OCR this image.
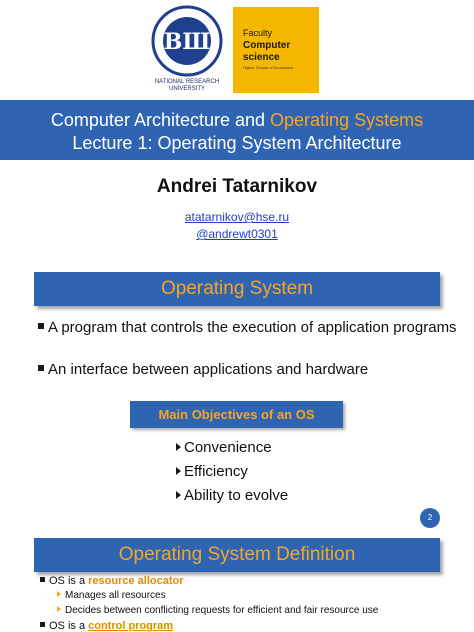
ВШ
NATIONAL RESEARCH
UNIVERSITY
Faculty
Computer
science
Higher School of Economics
Computer Architecture and Operating Systems
Lecture 1: Operating System Architecture
Andrei Tatarnikov
atatarnikov@hse.ru
@andrewt0301
Operating System
A program that controls the execution of application programs
An interface between applications and hardware
Main Objectives of an OS
Convenience
Efficiency
Ability to evolve
2
Operating System Definition
OS is a resource allocator
Manages all resources
Decides between conflicting requests for efficient and fair resource use
OS is a control program
